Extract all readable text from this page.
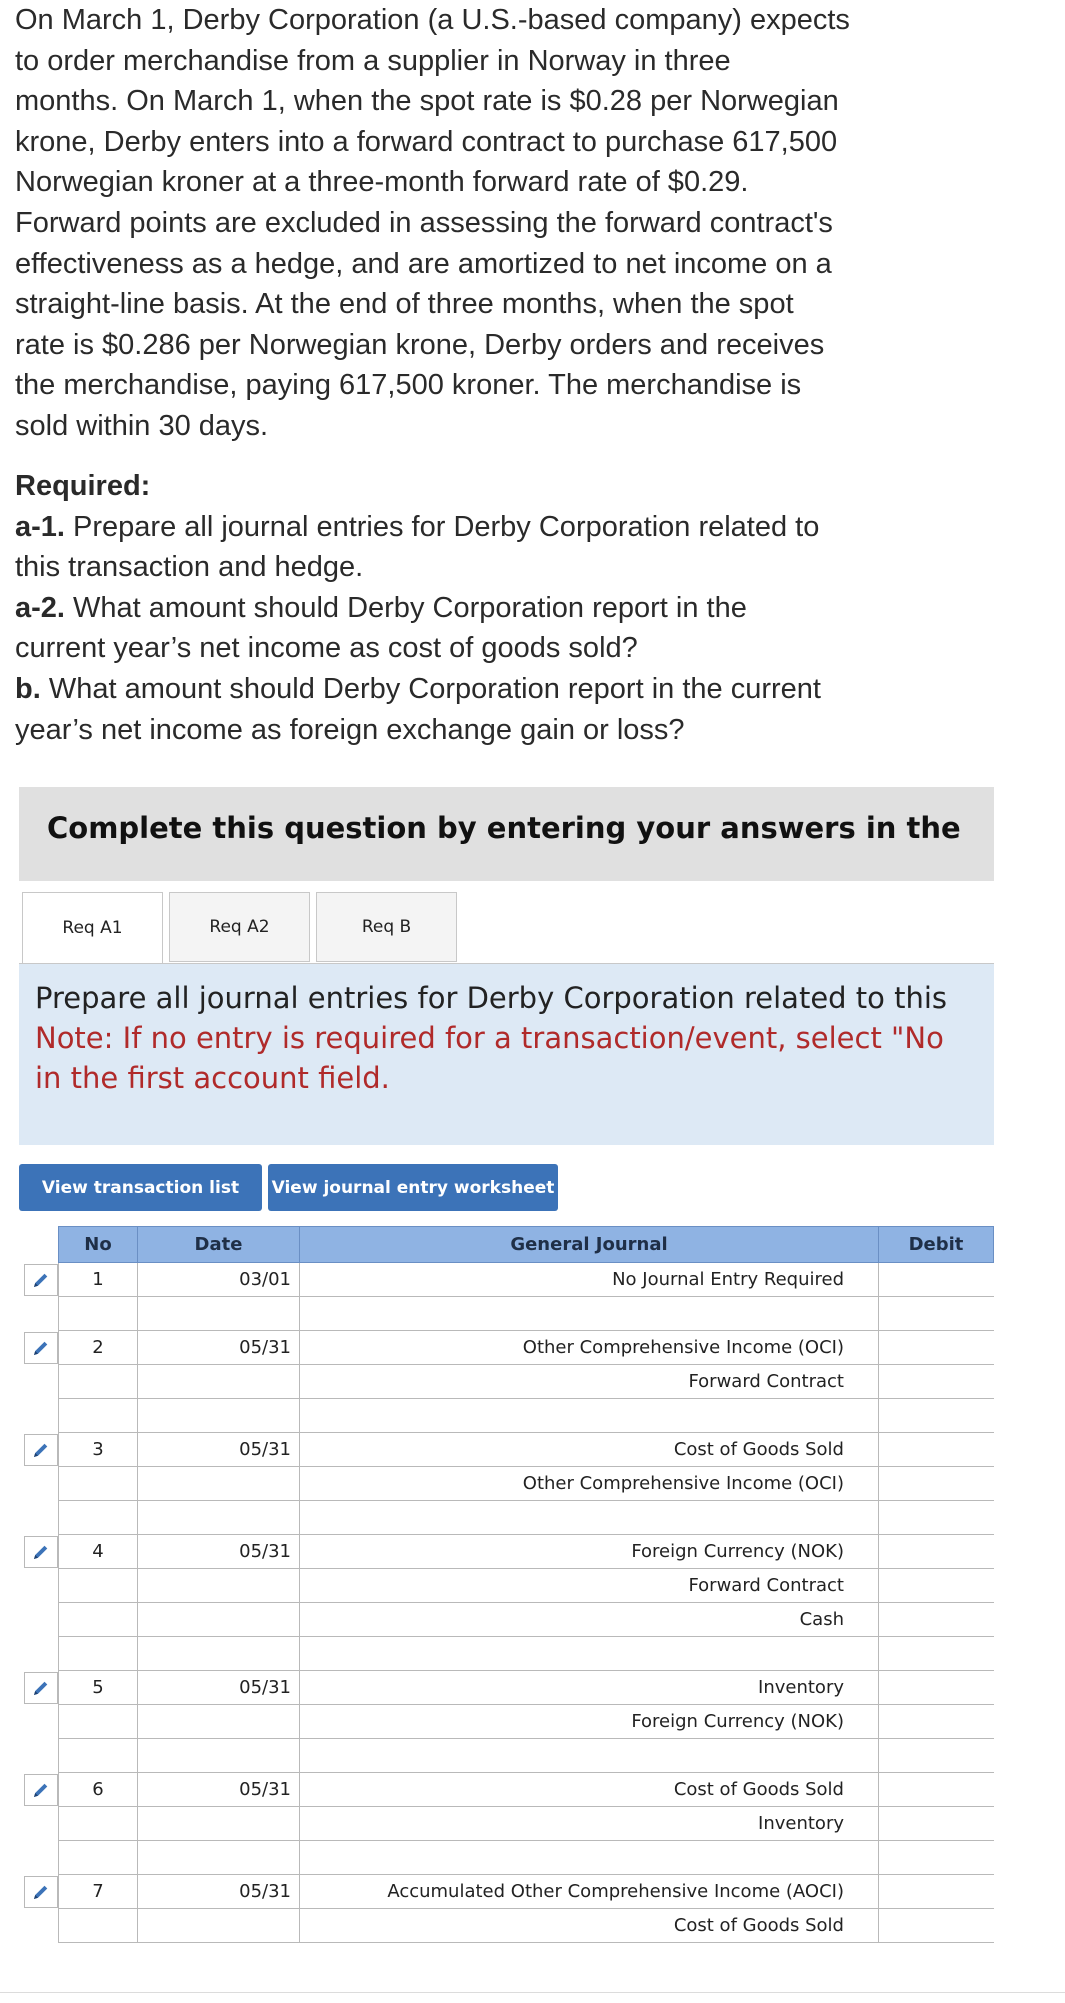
On March 1, Derby Corporation (a U.S.-based company) expects
to order merchandise from a supplier in Norway in three
months. On March 1, when the spot rate is $0.28 per Norwegian
krone, Derby enters into a forward contract to purchase 617,500
Norwegian kroner at a three-month forward rate of $0.29.
Forward points are excluded in assessing the forward contract's
effectiveness as a hedge, and are amortized to net income on a
straight-line basis. At the end of three months, when the spot
rate is $0.286 per Norwegian krone, Derby orders and receives
the merchandise, paying 617,500 kroner. The merchandise is
sold within 30 days.

Required:

a-1. Prepare all journal entries for Derby Corporation related to

this transaction and hedge.

a-2. What amount should Derby Corporation report in the

current year’s net income as cost of goods sold?

b. What amount should Derby Corporation report in the current

year’s net income as foreign exchange gain or loss?

Complete this question by entering your answers in the
Req A1	Req A2	Req B

Prepare all journal entries for Derby Corporation related to this

Note: If no entry is required for a transaction/event, select "No

in the first account field.

View transaction list	View journal entry worksheet
No	Date	General Journal	Debit
1	03/01	No Journal Entry Required
2	05/31	Other Comprehensive Income (OCI)
Forward Contract
3	05/31	Cost of Goods Sold
Other Comprehensive Income (OCI)
4	05/31	Foreign Currency (NOK)
Forward Contract
Cash
5	05/31	Inventory
Foreign Currency (NOK)
6	05/31	Cost of Goods Sold
Inventory
7	05/31	Accumulated Other Comprehensive Income (AOCI)
Cost of Goods Sold
